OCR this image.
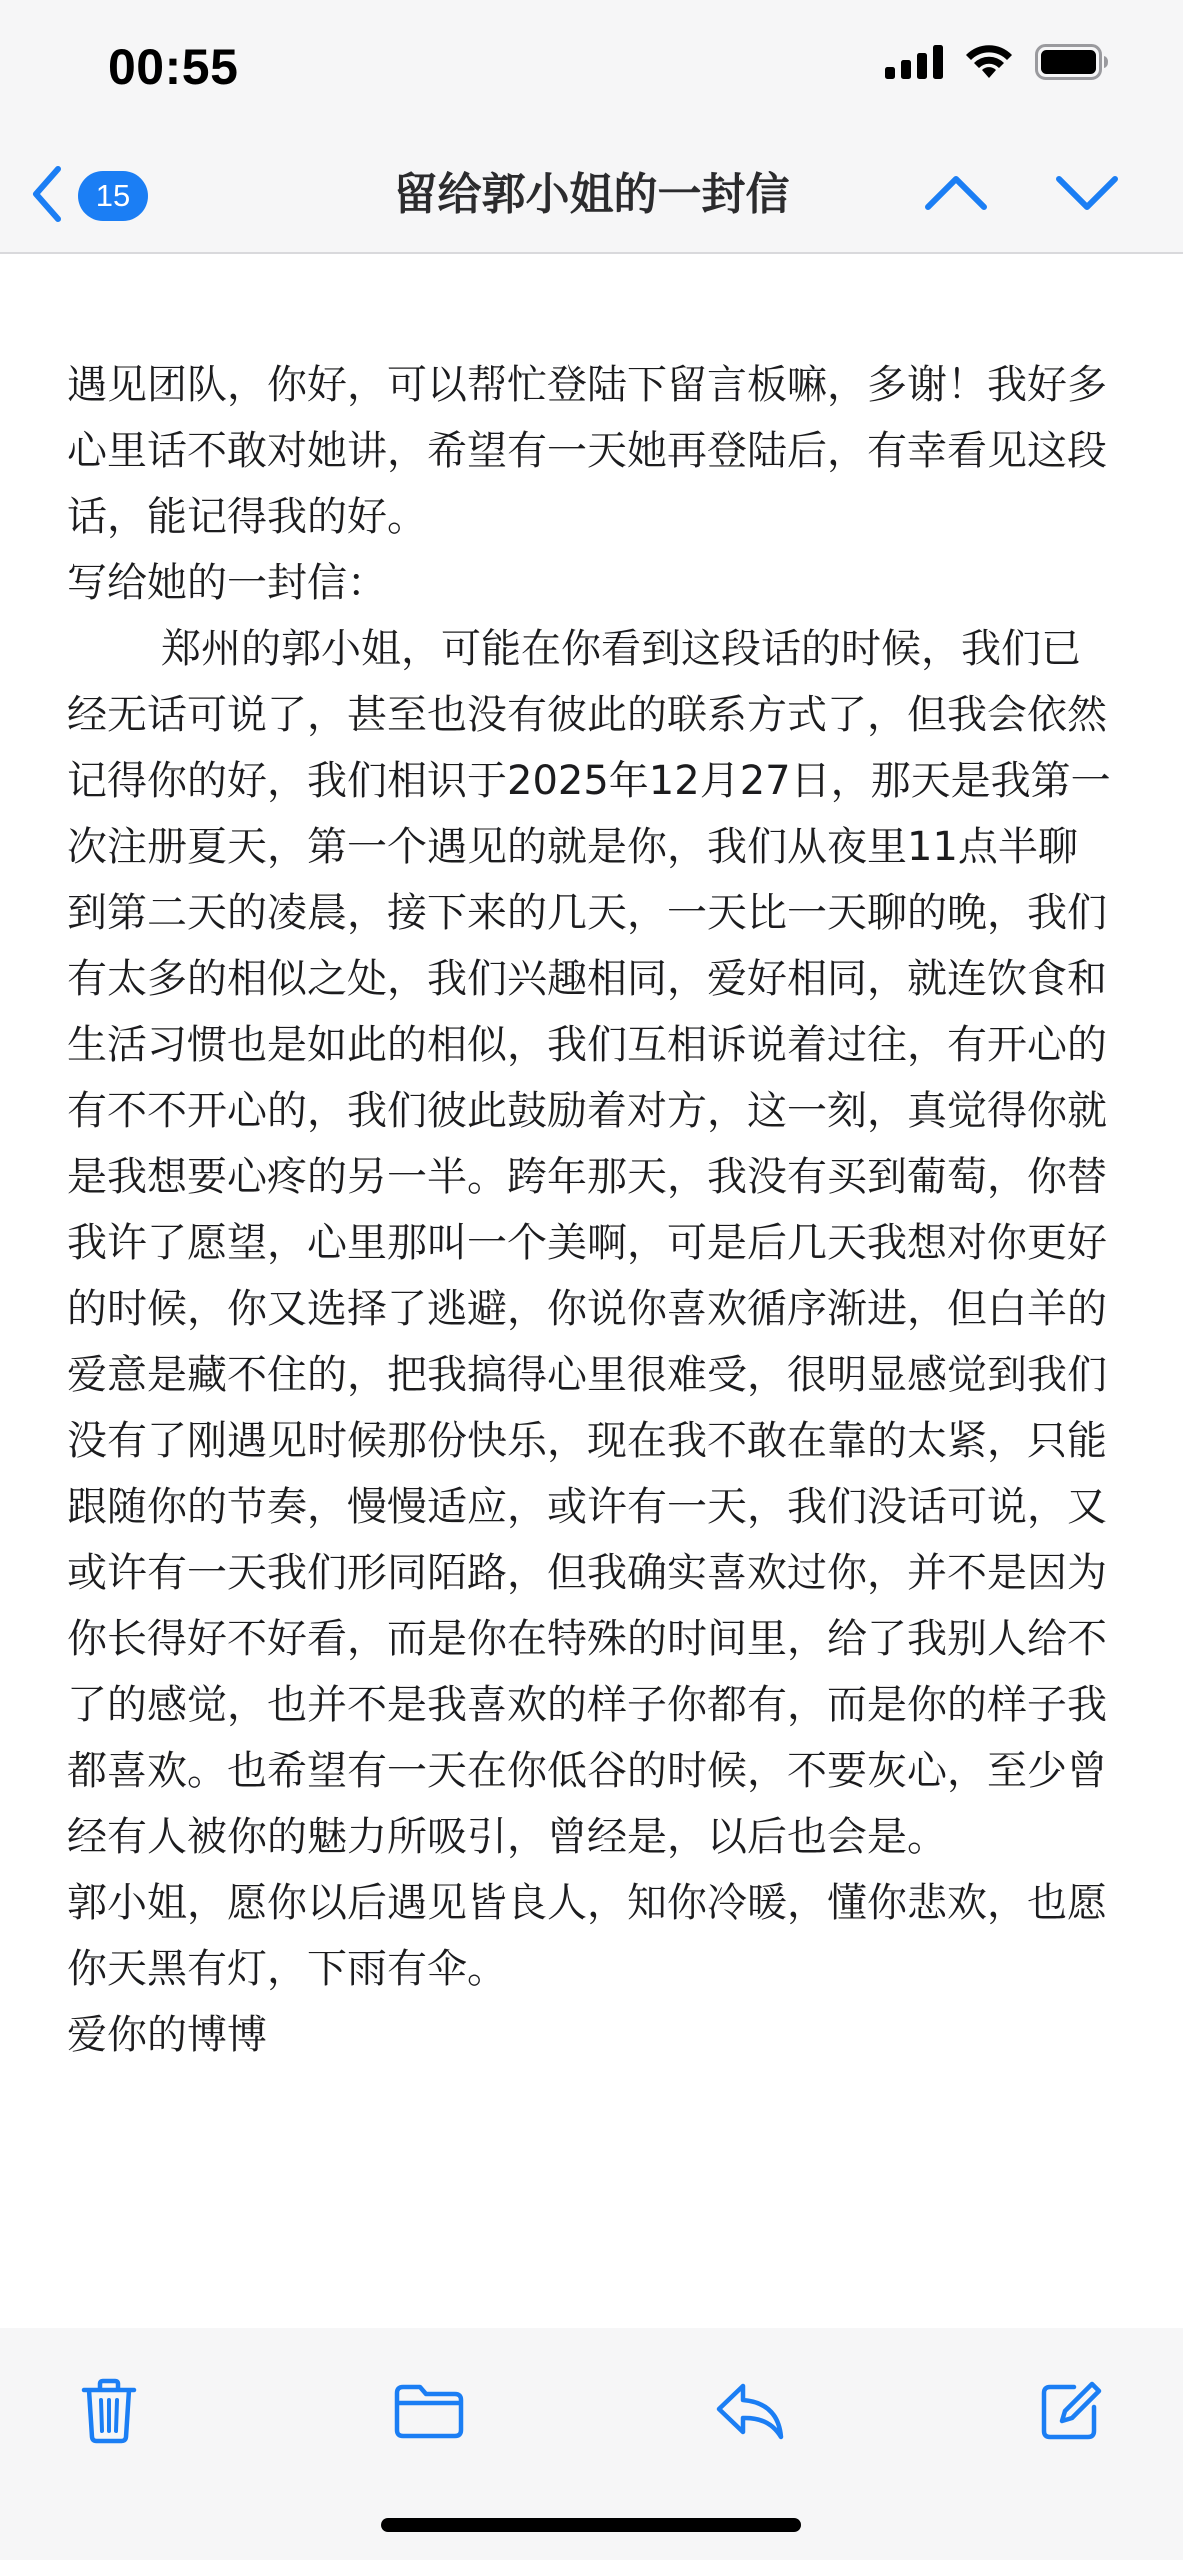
00:55
15	留给郭小姐的一封信

遇见团队，你好，可以帮忙登陆下留言板嘛，多谢！我好多心里话不敢对她讲，希望有一天她再登陆后，有幸看见这段话，能记得我的好。

写给她的一封信：

郑州的郭小姐，可能在你看到这段话的时候，我们已经无话可说了，甚至也没有彼此的联系方式了，但我会依然记得你的好，我们相识于2025年12月27日，那天是我第一次注册夏天，第一个遇见的就是你，我们从夜里11点半聊到第二天的凌晨，接下来的几天，一天比一天聊的晚，我们有太多的相似之处，我们兴趣相同，爱好相同，就连饮食和生活习惯也是如此的相似，我们互相诉说着过往，有开心的有不不开心的，我们彼此鼓励着对方，这一刻，真觉得你就是我想要心疼的另一半。跨年那天，我没有买到葡萄，你替我许了愿望，心里那叫一个美啊，可是后几天我想对你更好的时候，你又选择了逃避，你说你喜欢循序渐进，但白羊的爱意是藏不住的，把我搞得心里很难受，很明显感觉到我们没有了刚遇见时候那份快乐，现在我不敢在靠的太紧，只能跟随你的节奏，慢慢适应，或许有一天，我们没话可说，又或许有一天我们形同陌路，但我确实喜欢过你，并不是因为你长得好不好看，而是你在特殊的时间里，给了我别人给不了的感觉，也并不是我喜欢的样子你都有，而是你的样子我都喜欢。也希望有一天在你低谷的时候，不要灰心，至少曾经有人被你的魅力所吸引，曾经是，以后也会是。

郭小姐，愿你以后遇见皆良人，知你冷暖，懂你悲欢，也愿你天黑有灯，下雨有伞。

爱你的博博
